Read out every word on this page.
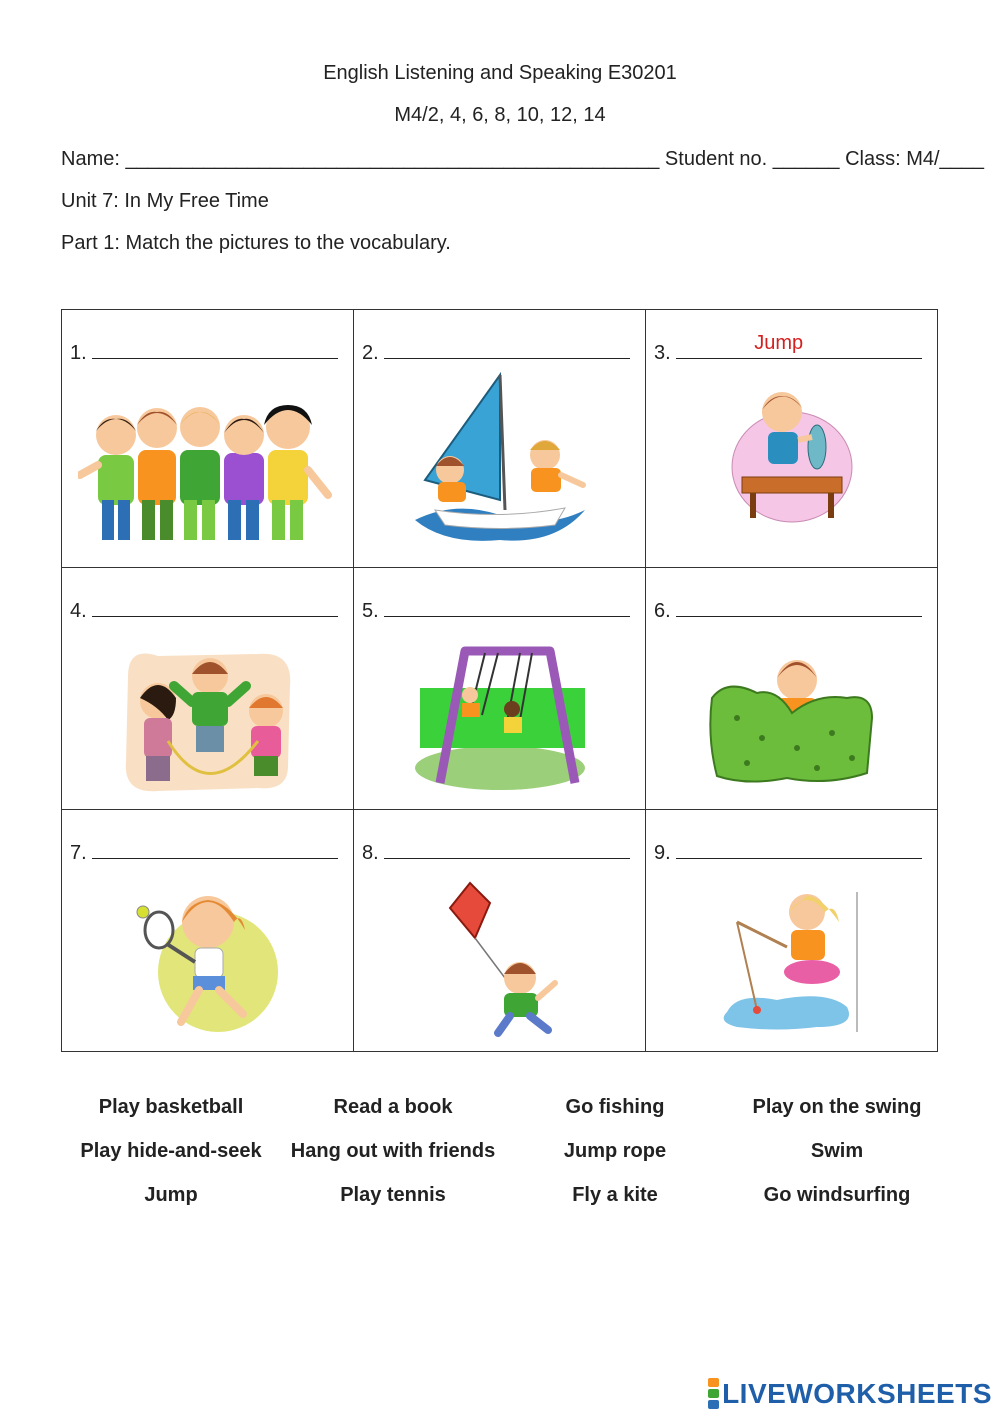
English Listening and Speaking E30201
M4/2, 4, 6, 8, 10, 12, 14
Name: ________________________________________________ Student no. ______ Class: M4/____
Unit 7: In My Free Time
Part 1: Match the pictures to the vocabulary.
1.	2.	3. Jump

4.	5.	6.

7.	8.	9.
Play basketball	Read a book	Go fishing	Play on the swing
Play hide-and-seek	Hang out with friends	Jump rope	Swim
Jump	Play tennis	Fly a kite	Go windsurfing
LIVEWORKSHEETS
